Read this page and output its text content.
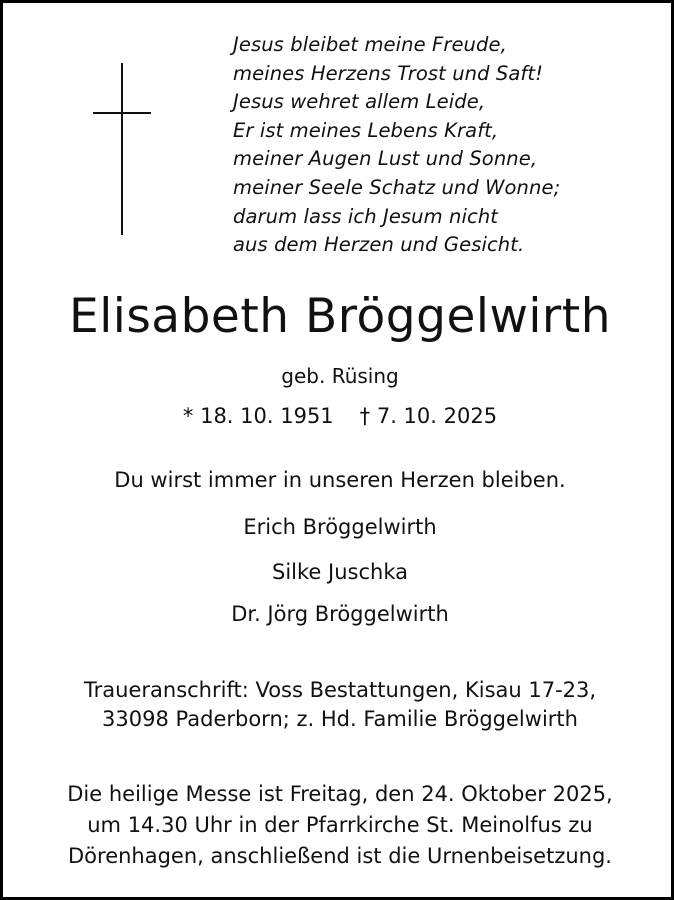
Jesus bleibet meine Freude,
meines Herzens Trost und Saft!
Jesus wehret allem Leide,
Er ist meines Lebens Kraft,
meiner Augen Lust und Sonne,
meiner Seele Schatz und Wonne;
darum lass ich Jesum nicht
aus dem Herzen und Gesicht.
Elisabeth Bröggelwirth
geb. Rüsing
* 18. 10. 1951 † 7. 10. 2025
Du wirst immer in unseren Herzen bleiben.
Erich Bröggelwirth
Silke Juschka
Dr. Jörg Bröggelwirth
Traueranschrift: Voss Bestattungen, Kisau 17-23,
33098 Paderborn; z. Hd. Familie Bröggelwirth
Die heilige Messe ist Freitag, den 24. Oktober 2025,
um 14.30 Uhr in der Pfarrkirche St. Meinolfus zu
Dörenhagen, anschließend ist die Urnenbeisetzung.
